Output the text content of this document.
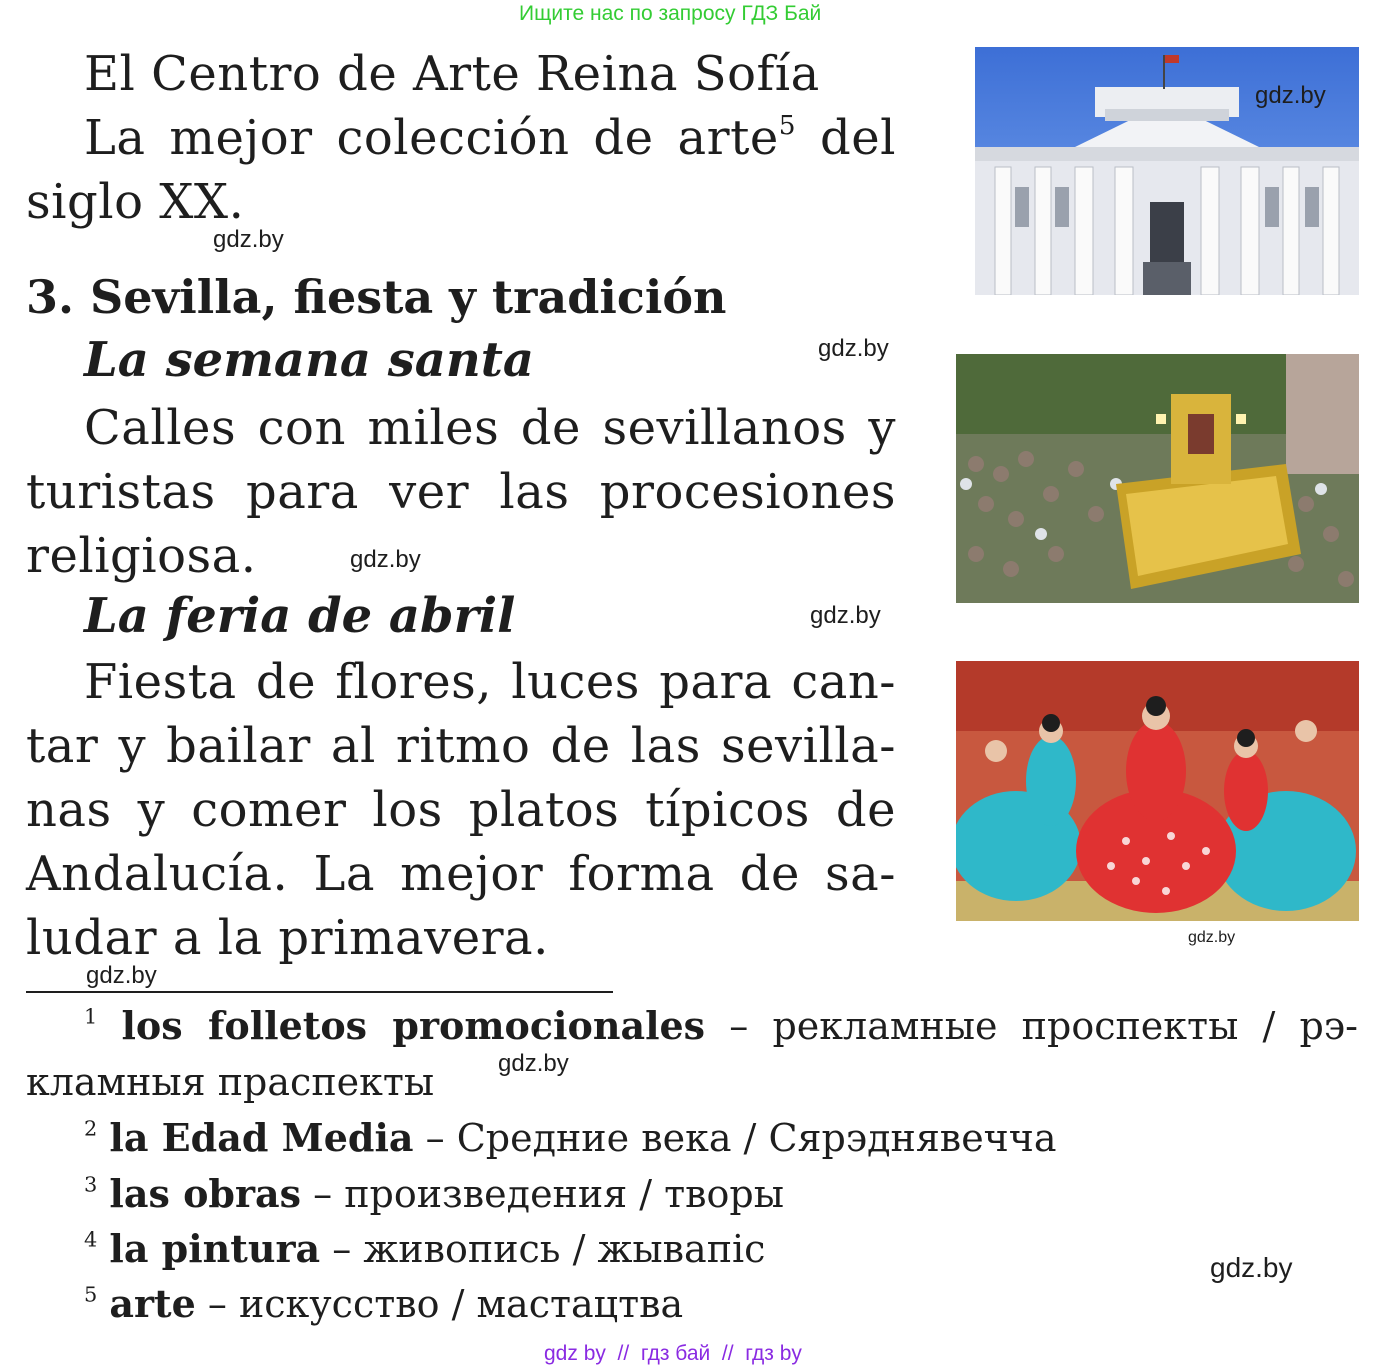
Ищите нас по запросу ГДЗ Бай
El Centro de Arte Reina Sofía
La mejor colección de arte$^5$ del
siglo XX.
gdz.by
gdz.by
3. Sevilla, fiesta y tradición
La semana santa	gdz.by
Calles con miles de sevillanos y
turistas para ver las procesiones
religiosa.	gdz.by
La feria de abril	gdz.by
Fiesta de flores, luces para can-
tar y bailar al ritmo de las sevilla-
nas y comer los platos típicos de
Andalucía. La mejor forma de sa-
ludar a la primavera.	gdz.by
gdz.by
$^1$ los folletos promocionales – рекламные проспекты / рэ-
кламныя праспекты	gdz.by
$^2$ la Edad Media – Средние века / Сярэднявечча
$^3$ las obras – произведения / творы
$^4$ la pintura – живопись / жывапіс	gdz.by
$^5$ arte – искусство / мастацтва
gdz by  //  гдз бай  //  гдз by
